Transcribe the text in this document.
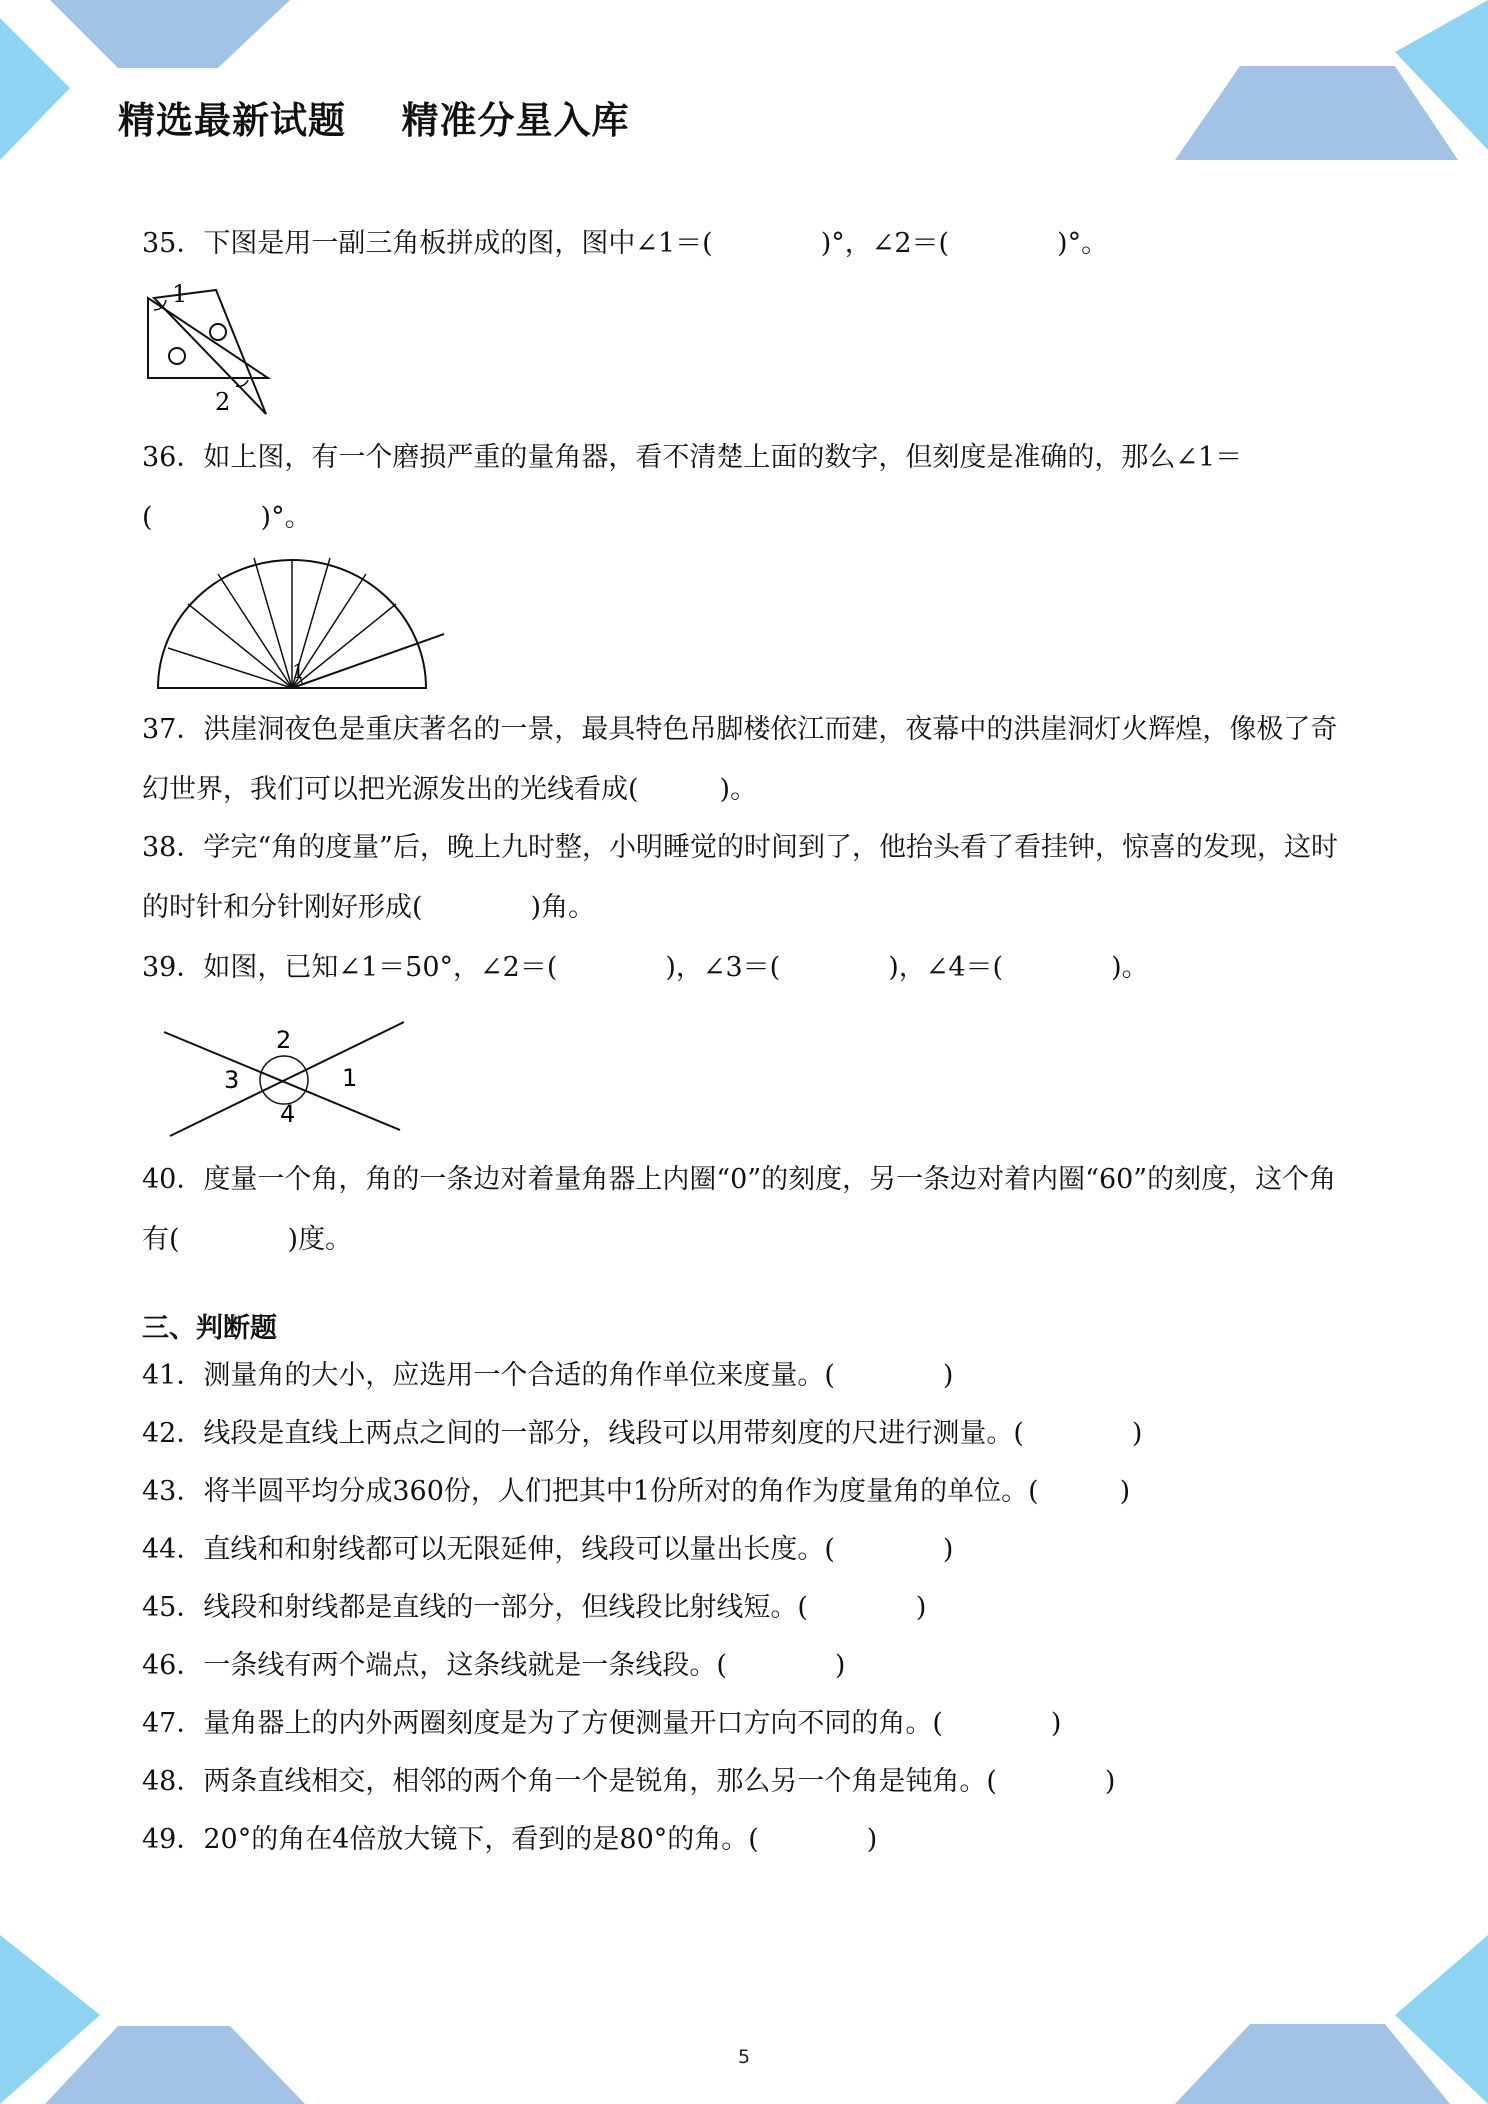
精选最新试题    精准分星入库
35．下图是用一副三角板拼成的图，图中∠1＝(　　　　)°，∠2＝(　　　　)°。
1
2
36．如上图，有一个磨损严重的量角器，看不清楚上面的数字，但刻度是准确的，那么∠1＝(　　　　)°。
1
37．洪崖洞夜色是重庆著名的一景，最具特色吊脚楼依江而建，夜幕中的洪崖洞灯火辉煌，像极了奇幻世界，我们可以把光源发出的光线看成(　　　)。
38．学完“角的度量”后，晚上九时整，小明睡觉的时间到了，他抬头看了看挂钟，惊喜的发现，这时的时针和分针刚好形成(　　　　)角。
39．如图，已知∠1＝50°，∠2＝(　　　　)，∠3＝(　　　　)，∠4＝(　　　　)。
2
3	1
4
40．度量一个角，角的一条边对着量角器上内圈“0”的刻度，另一条边对着内圈“60”的刻度，这个角有(　　　　)度。
三、判断题
41．测量角的大小，应选用一个合适的角作单位来度量。(　　　　)
42．线段是直线上两点之间的一部分，线段可以用带刻度的尺进行测量。(　　　　)
43．将半圆平均分成360份，人们把其中1份所对的角作为度量角的单位。(　　　)
44．直线和和射线都可以无限延伸，线段可以量出长度。(　　　　)
45．线段和射线都是直线的一部分，但线段比射线短。(　　　　)
46．一条线有两个端点，这条线就是一条线段。(　　　　)
47．量角器上的内外两圈刻度是为了方便测量开口方向不同的角。(　　　　)
48．两条直线相交，相邻的两个角一个是锐角，那么另一个角是钝角。(　　　　)
49．20°的角在4倍放大镜下，看到的是80°的角。(　　　　)
5
